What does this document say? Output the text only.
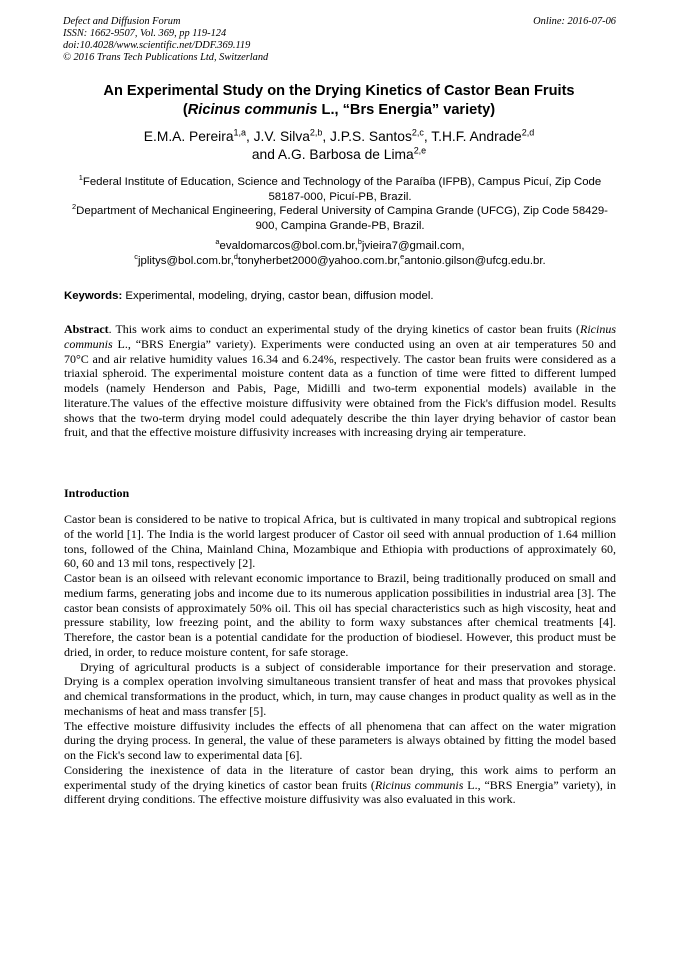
Defect and Diffusion Forum
ISSN: 1662-9507, Vol. 369, pp 119-124
doi:10.4028/www.scientific.net/DDF.369.119
© 2016 Trans Tech Publications Ltd, Switzerland
Online: 2016-07-06
An Experimental Study on the Drying Kinetics of Castor Bean Fruits
(Ricinus communis L., “Brs Energia” variety)
E.M.A. Pereira$^{1,a}$, J.V. Silva$^{2,b}$, J.P.S. Santos$^{2,c}$, T.H.F. Andrade$^{2,d}$
and A.G. Barbosa de Lima$^{2,e}$
$^1$Federal Institute of Education, Science and Technology of the Paraíba (IFPB), Campus Picuí, Zip Code 58187-000, Picuí-PB, Brazil.
$^2$Department of Mechanical Engineering, Federal University of Campina Grande (UFCG), Zip Code 58429-900, Campina Grande-PB, Brazil.
$^a$evaldomarcos@bol.com.br,$^b$jvieira7@gmail.com,
$^c$jplitys@bol.com.br,$^d$tonyherbet2000@yahoo.com.br,$^e$antonio.gilson@ufcg.edu.br.
Keywords: Experimental, modeling, drying, castor bean, diffusion model.

Abstract. This work aims to conduct an experimental study of the drying kinetics of castor bean fruits (Ricinus communis L., “BRS Energia” variety). Experiments were conducted using an oven at air temperatures 50 and 70°C and air relative humidity values 16.34 and 6.24%, respectively. The castor bean fruits were considered as a triaxial spheroid. The experimental moisture content data as a function of time were fitted to different lumped models (namely Henderson and Pabis, Page, Midilli and two-term exponential models) available in the literature.The values of the effective moisture diffusivity were obtained from the Fick's diffusion model. Results shows that the two-term drying model could adequately describe the thin layer drying behavior of castor bean fruit, and that the effective moisture diffusivity increases with increasing drying air temperature.

Introduction

Castor bean is considered to be native to tropical Africa, but is cultivated in many tropical and subtropical regions of the world [1]. The India is the world largest producer of Castor oil seed with annual production of 1.64 million tons, followed of the China, Mainland China, Mozambique and Ethiopia with productions of approximately 60, 60, 60 and 13 mil tons, respectively [2].

Castor bean is an oilseed with relevant economic importance to Brazil, being traditionally produced on small and medium farms, generating jobs and income due to its numerous application possibilities in industrial area [3]. The castor bean consists of approximately 50% oil. This oil has special characteristics such as high viscosity, heat and pressure stability, low freezing point, and the ability to form waxy substances after chemical treatments [4]. Therefore, the castor bean is a potential candidate for the production of biodiesel. However, this product must be dried, in order, to reduce moisture content, for safe storage.

Drying of agricultural products is a subject of considerable importance for their preservation and storage. Drying is a complex operation involving simultaneous transient transfer of heat and mass that provokes physical and chemical transformations in the product, which, in turn, may cause changes in product quality as well as in the mechanisms of heat and mass transfer [5].

The effective moisture diffusivity includes the effects of all phenomena that can affect on the water migration during the drying process. In general, the value of these parameters is always obtained by fitting the model based on the Fick's second law to experimental data [6].

Considering the inexistence of data in the literature of castor bean drying, this work aims to perform an experimental study of the drying kinetics of castor bean fruits (Ricinus communis L., “BRS Energia” variety), in different drying conditions. The effective moisture diffusivity was also evaluated in this work.
